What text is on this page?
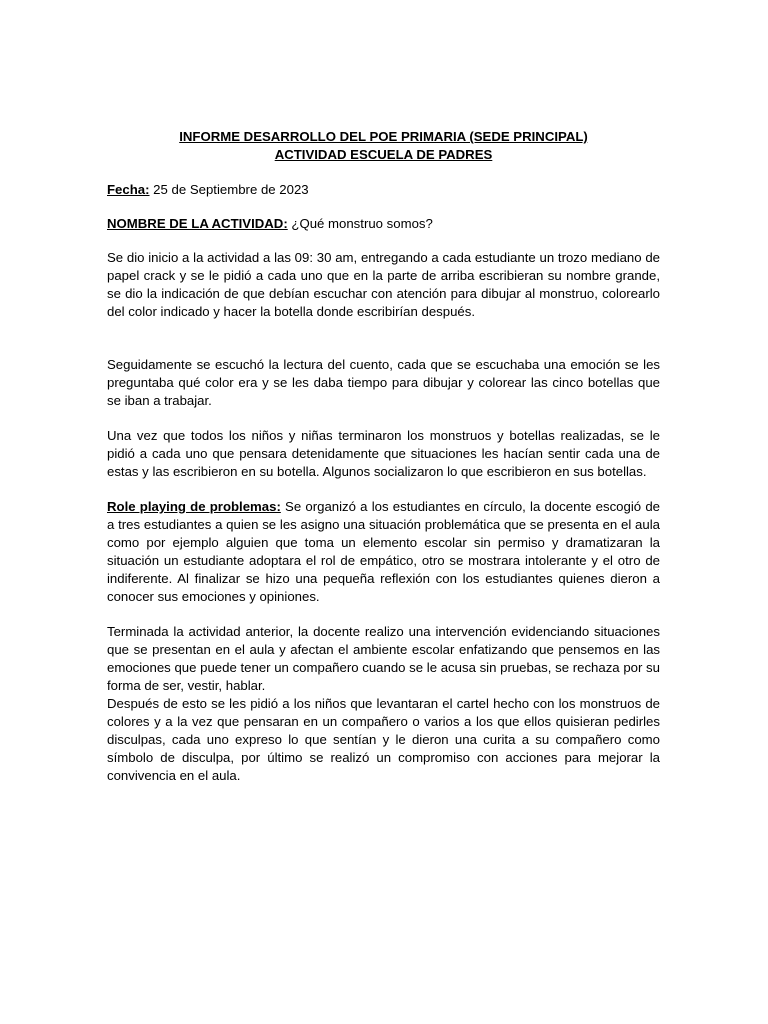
INFORME DESARROLLO DEL POE PRIMARIA (SEDE PRINCIPAL)
ACTIVIDAD ESCUELA DE PADRES

Fecha: 25 de Septiembre de 2023

NOMBRE DE LA ACTIVIDAD: ¿Qué monstruo somos?

Se dio inicio a la actividad a las 09: 30 am, entregando a cada estudiante un trozo mediano de papel crack y se le pidió a cada uno que en la parte de arriba escribieran su nombre grande, se dio la indicación de que debían escuchar con atención para dibujar al monstruo, colorearlo del color indicado y hacer la botella donde escribirían después.

Seguidamente se escuchó la lectura del cuento, cada que se escuchaba una emoción se les preguntaba qué color era y se les daba tiempo para dibujar y colorear las cinco botellas que se iban a trabajar.

Una vez que todos los niños y niñas terminaron los monstruos y botellas realizadas, se le pidió a cada uno que pensara detenidamente que situaciones les hacían sentir cada una de estas y las escribieron en su botella. Algunos socializaron lo que escribieron en sus botellas.

Role playing de problemas: Se organizó a los estudiantes en círculo, la docente escogió de a tres estudiantes a quien se les asigno una situación problemática que se presenta en el aula como por ejemplo alguien que toma un elemento escolar sin permiso y dramatizaran la situación un estudiante adoptara el rol de empático, otro se mostrara intolerante y el otro de indiferente. Al finalizar se hizo una pequeña reflexión con los estudiantes quienes dieron a conocer sus emociones y opiniones.

Terminada la actividad anterior, la docente realizo una intervención evidenciando situaciones que se presentan en el aula y afectan el ambiente escolar enfatizando que pensemos en las emociones que puede tener un compañero cuando se le acusa sin pruebas, se rechaza por su forma de ser, vestir, hablar.

Después de esto se les pidió a los niños que levantaran el cartel hecho con los monstruos de colores y a la vez que pensaran en un compañero o varios a los que ellos quisieran pedirles disculpas, cada uno expreso lo que sentían y le dieron una curita a su compañero como símbolo de disculpa, por último se realizó un compromiso con acciones para mejorar la convivencia en el aula.
